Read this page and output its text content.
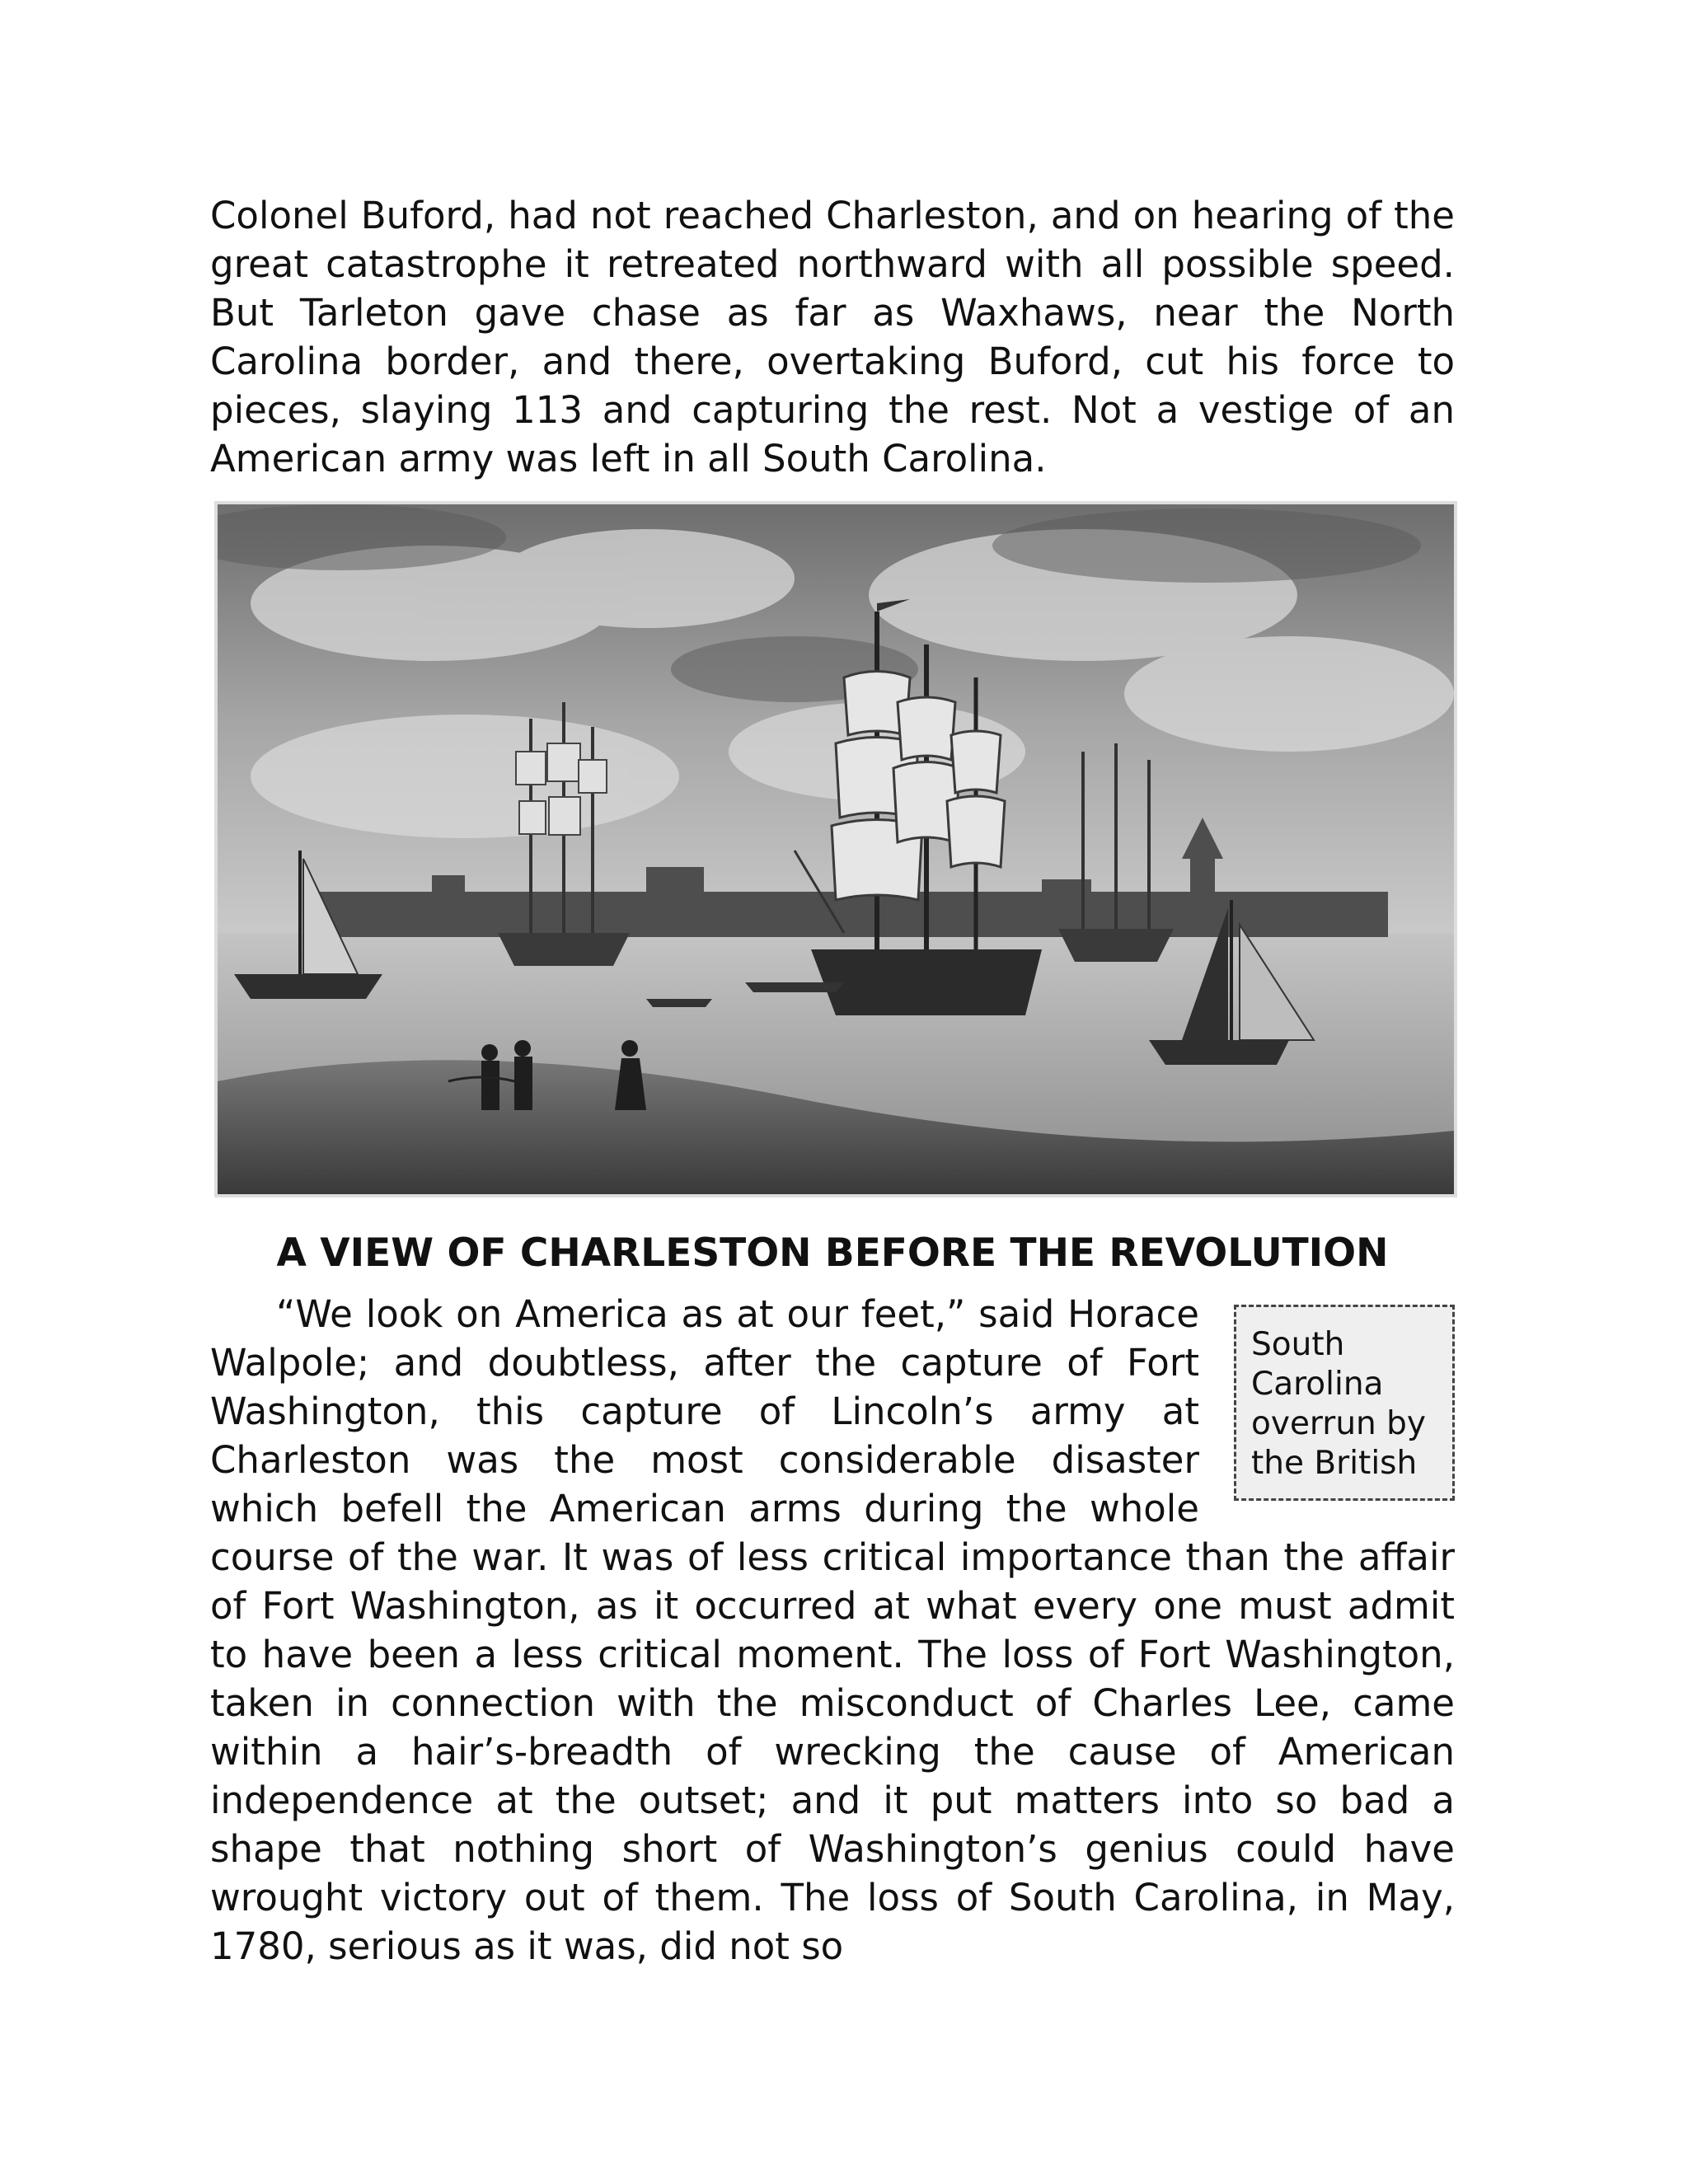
Colonel Buford, had not reached Charleston, and on hearing of the great catastrophe it retreated northward with all possible speed. But Tarleton gave chase as far as Waxhaws, near the North Carolina border, and there, overtaking Buford, cut his force to pieces, slaying 113 and capturing the rest. Not a vestige of an American army was left in all South Carolina.

A VIEW OF CHARLESTON BEFORE THE REVOLUTION

South Carolina overrun by the British
“We look on America as at our feet,” said Horace Walpole; and doubtless, after the capture of Fort Washington, this capture of Lincoln’s army at Charleston was the most considerable disaster which befell the American arms during the whole course of the war. It was of less critical importance than the affair of Fort Washington, as it occurred at what every one must admit to have been a less critical moment. The loss of Fort Washington, taken in connection with the misconduct of Charles Lee, came within a hair’s-breadth of wrecking the cause of American independence at the outset; and it put matters into so bad a shape that nothing short of Washington’s genius could have wrought victory out of them. The loss of South Carolina, in May, 1780, serious as it was, did not so
